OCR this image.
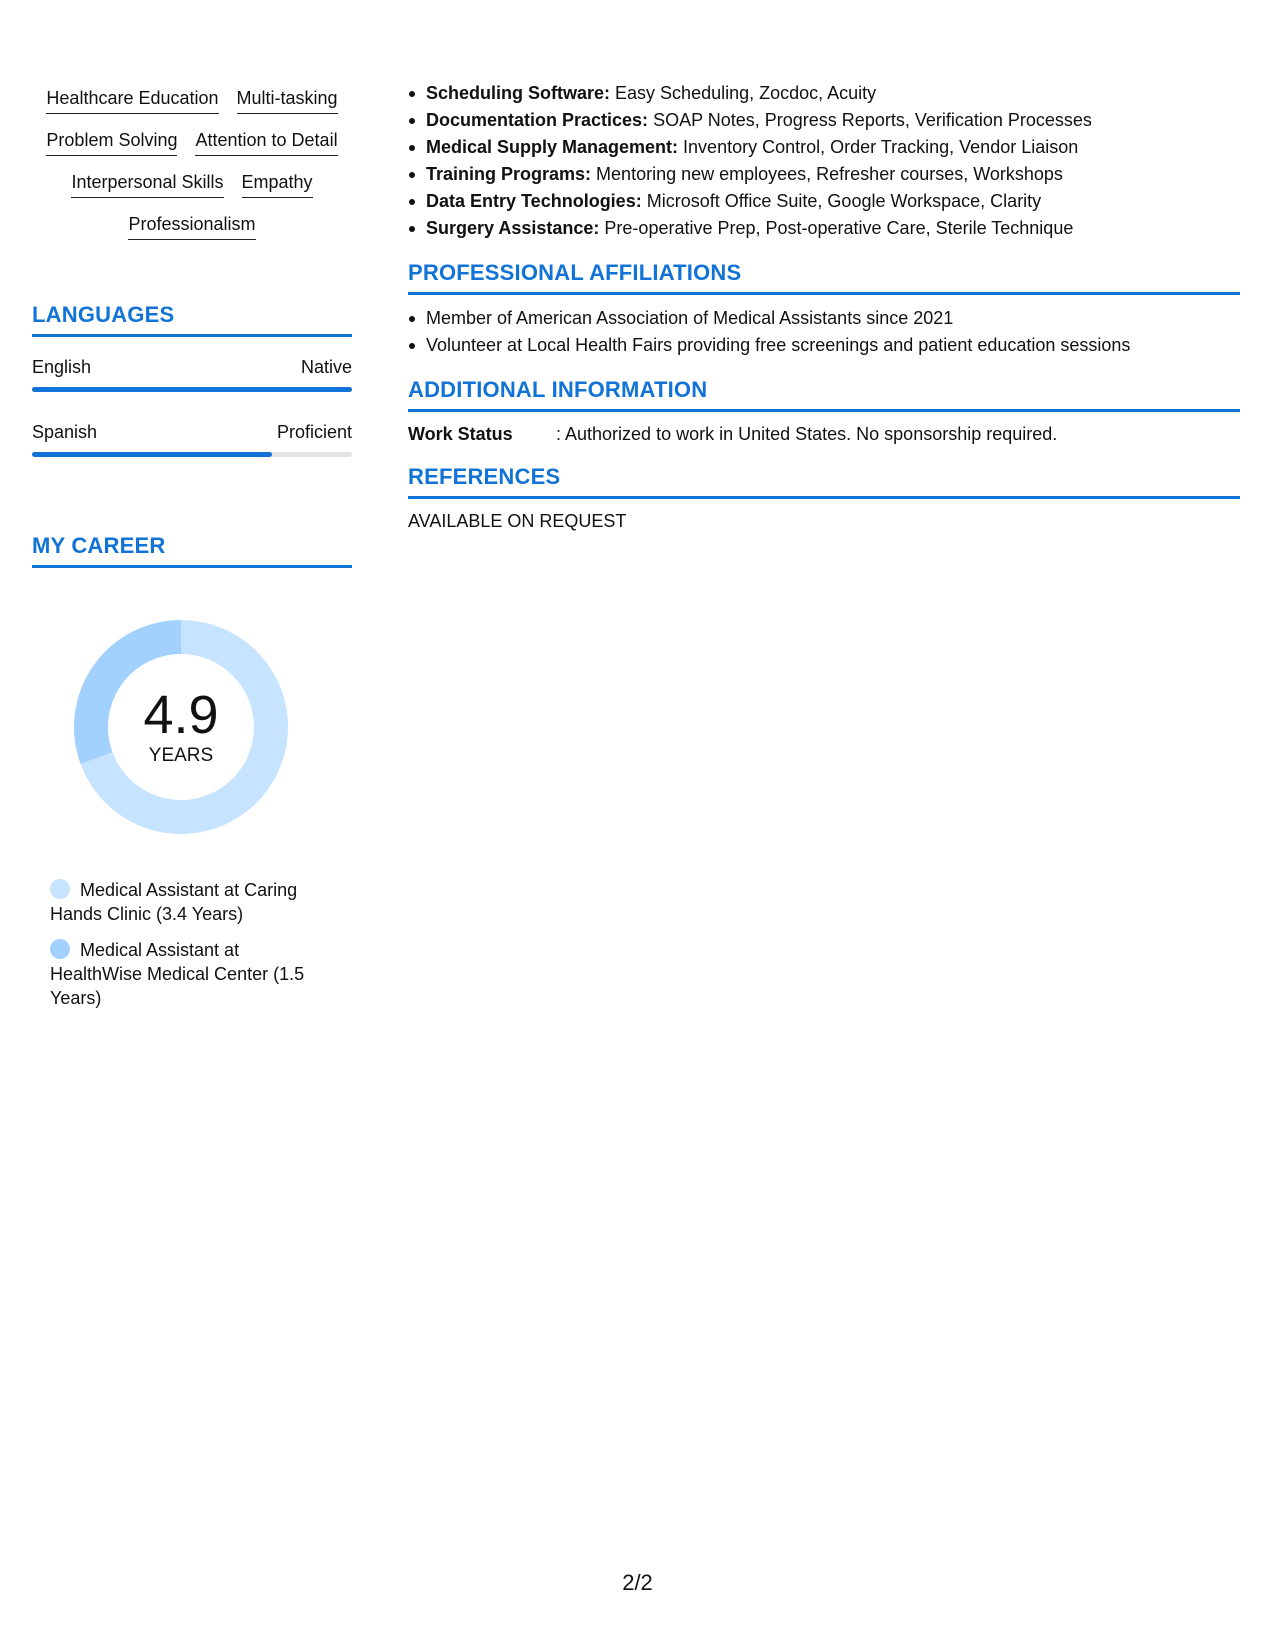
Healthcare Education Multi-tasking
Problem Solving Attention to Detail
Interpersonal Skills Empathy
Professionalism
LANGUAGES
English	Native
Spanish	Proficient
MY CAREER
4.9
YEARS
Medical Assistant at Caring Hands Clinic (3.4 Years)
Medical Assistant at HealthWise Medical Center (1.5 Years)
Scheduling Software: Easy Scheduling, Zocdoc, Acuity
Documentation Practices: SOAP Notes, Progress Reports, Verification Processes
Medical Supply Management: Inventory Control, Order Tracking, Vendor Liaison
Training Programs: Mentoring new employees, Refresher courses, Workshops
Data Entry Technologies: Microsoft Office Suite, Google Workspace, Clarity
Surgery Assistance: Pre-operative Prep, Post-operative Care, Sterile Technique
PROFESSIONAL AFFILIATIONS
Member of American Association of Medical Assistants since 2021
Volunteer at Local Health Fairs providing free screenings and patient education sessions
ADDITIONAL INFORMATION
Work Status	: Authorized to work in United States. No sponsorship required.
REFERENCES
AVAILABLE ON REQUEST
2/2
